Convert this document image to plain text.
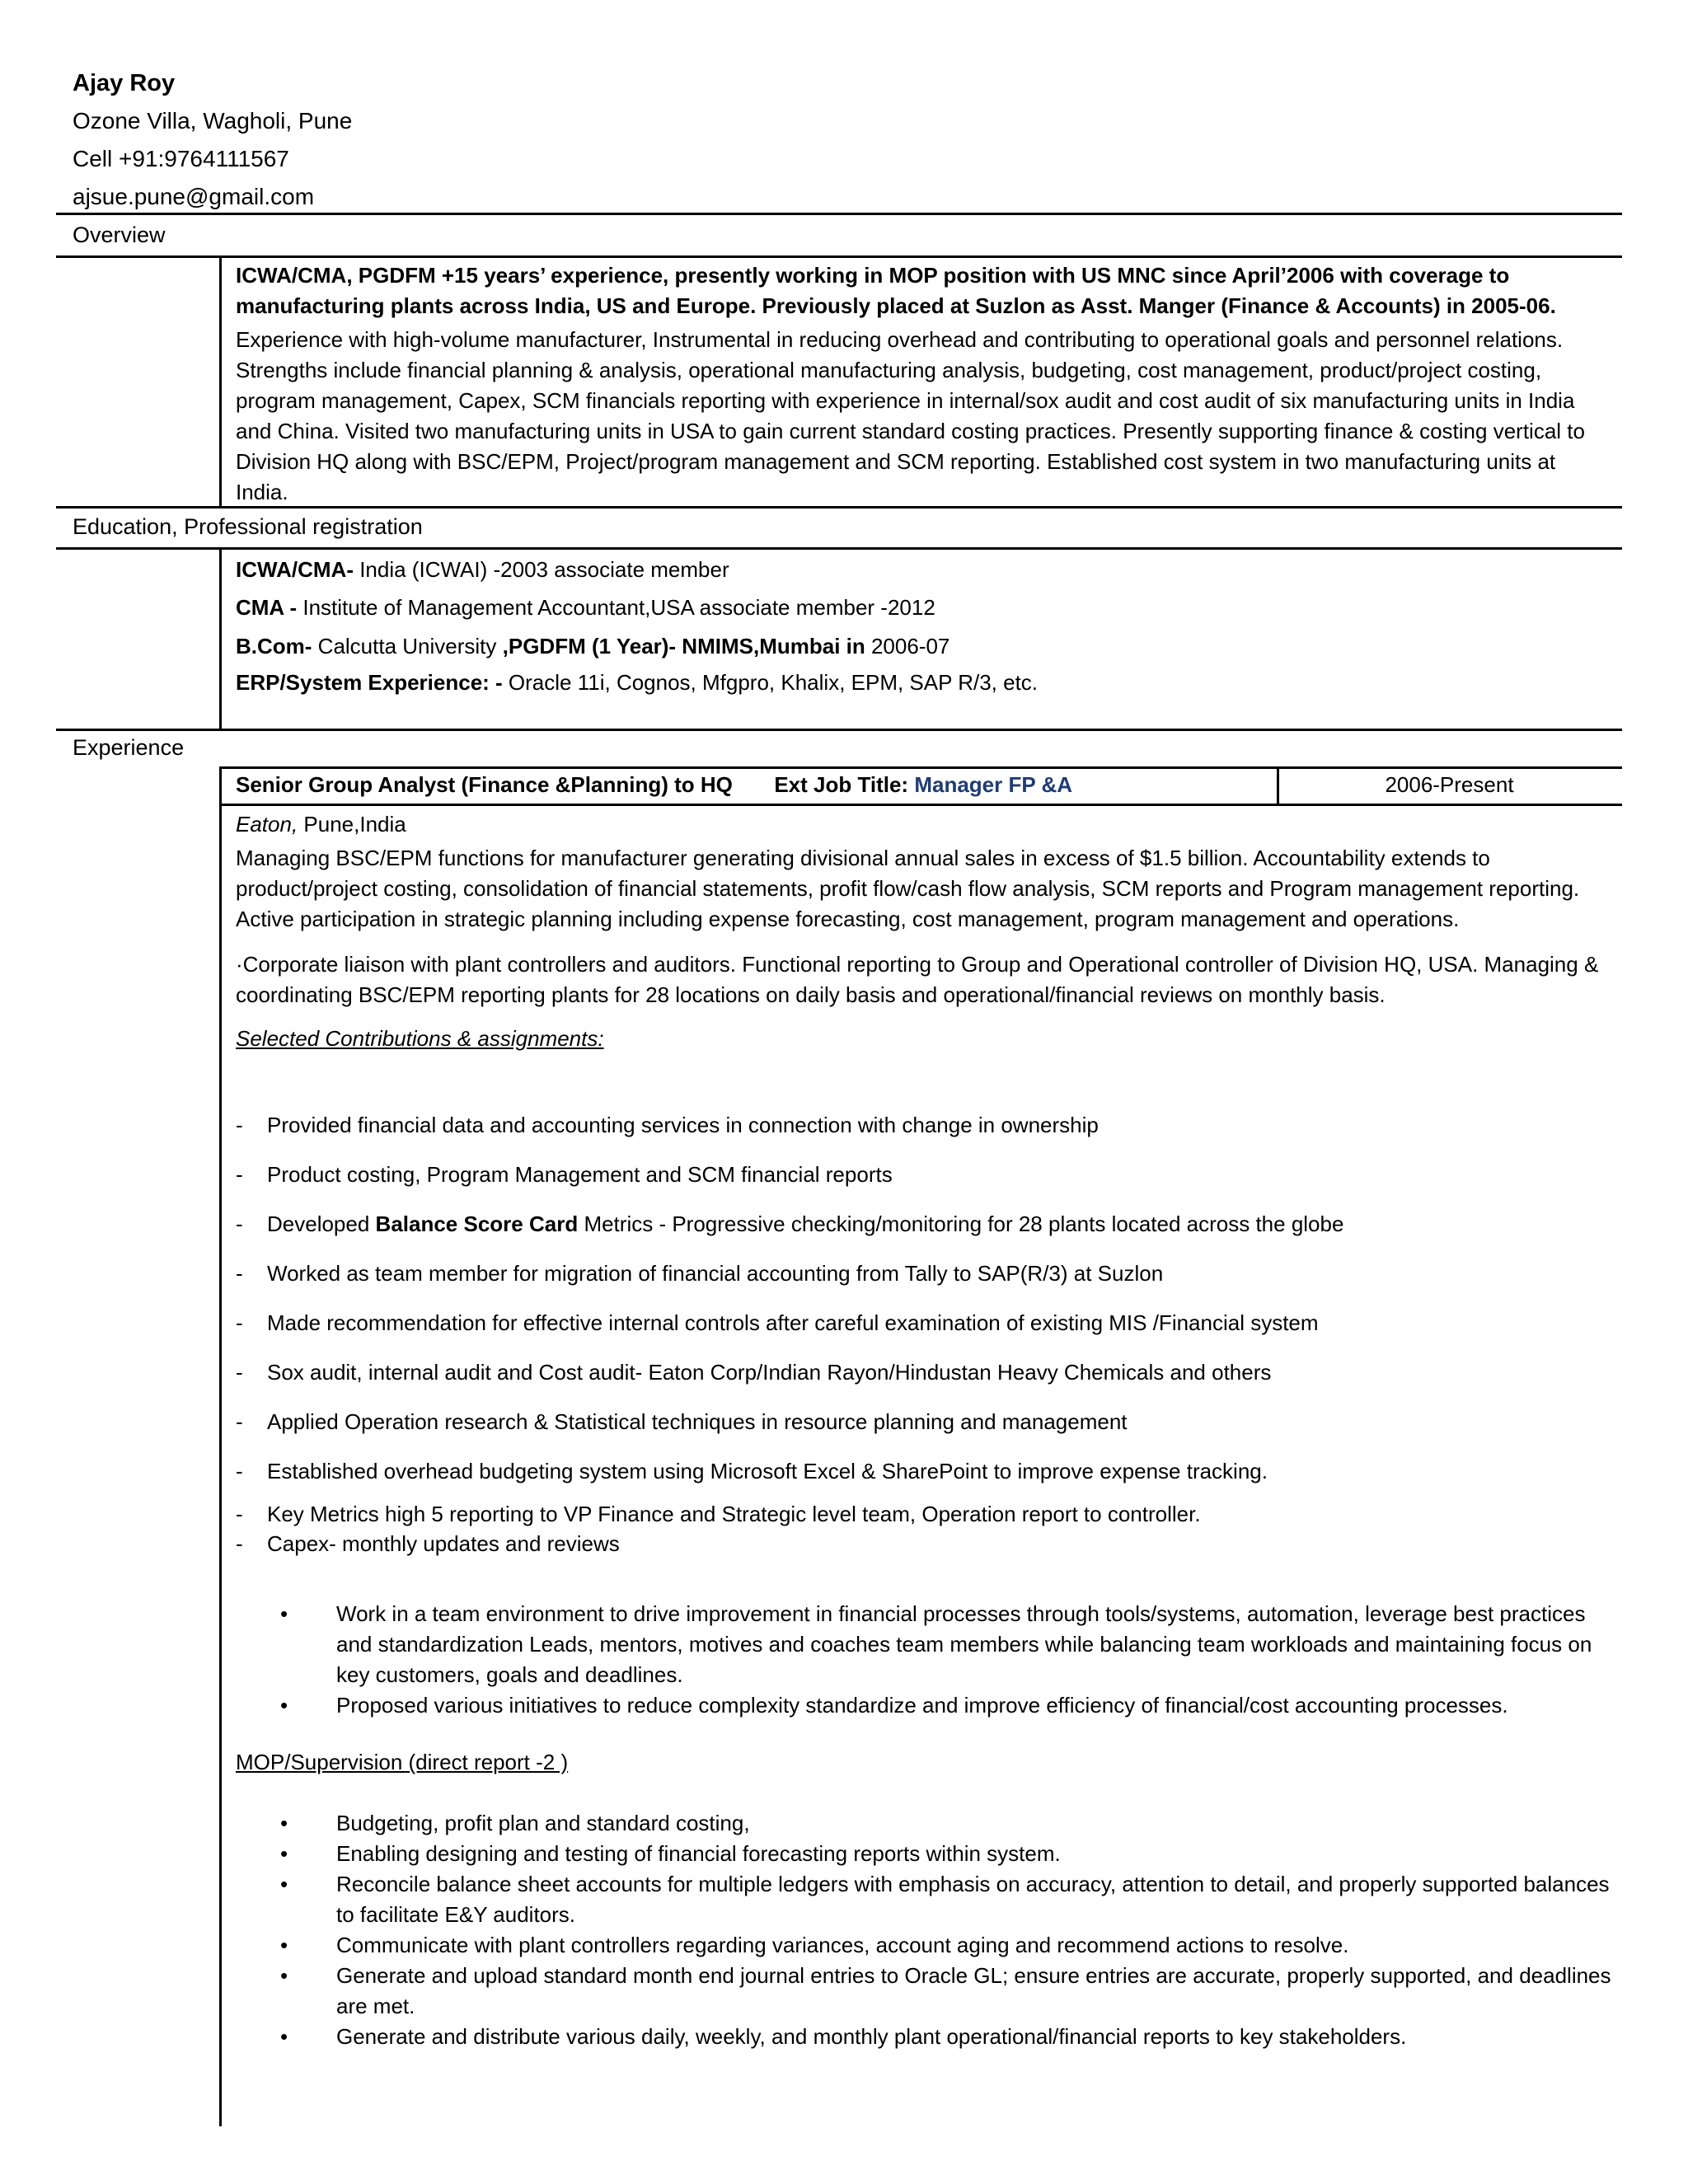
Ajay Roy
Ozone Villa, Wagholi, Pune
Cell +91:9764111567
ajsue.pune@gmail.com
Overview

ICWA/CMA, PGDFM +15 years’ experience, presently working in MOP position with US MNC since April’2006 with coverage to manufacturing plants across India, US and Europe. Previously placed at Suzlon as Asst. Manger (Finance & Accounts) in 2005-06.

Experience with high-volume manufacturer, Instrumental in reducing overhead and contributing to operational goals and personnel relations. Strengths include financial planning & analysis, operational manufacturing analysis, budgeting, cost management, product/project costing, program management, Capex, SCM financials reporting with experience in internal/sox audit and cost audit of six manufacturing units in India and China. Visited two manufacturing units in USA to gain current standard costing practices. Presently supporting finance & costing vertical to Division HQ along with BSC/EPM, Project/program management and SCM reporting. Established cost system in two manufacturing units at India.

Education, Professional registration
ICWA/CMA- India (ICWAI) -2003 associate member
CMA - Institute of Management Accountant,USA associate member -2012
B.Com- Calcutta University ,PGDFM (1 Year)- NMIMS,Mumbai in 2006-07
ERP/System Experience: - Oracle 11i, Cognos, Mfgpro, Khalix, EPM, SAP R/3, etc.
Experience
Senior Group Analyst (Finance &Planning) to HQ Ext Job Title: Manager FP &A	2006-Present

Eaton, Pune,India

Managing BSC/EPM functions for manufacturer generating divisional annual sales in excess of $1.5 billion. Accountability extends to product/project costing, consolidation of financial statements, profit flow/cash flow analysis, SCM reports and Program management reporting. Active participation in strategic planning including expense forecasting, cost management, program management and operations.

·Corporate liaison with plant controllers and auditors. Functional reporting to Group and Operational controller of Division HQ, USA. Managing & coordinating BSC/EPM reporting plants for 28 locations on daily basis and operational/financial reviews on monthly basis.

Selected Contributions & assignments:

- Provided financial data and accounting services in connection with change in ownership
- Product costing, Program Management and SCM financial reports
- Developed Balance Score Card Metrics - Progressive checking/monitoring for 28 plants located across the globe
- Worked as team member for migration of financial accounting from Tally to SAP(R/3) at Suzlon
- Made recommendation for effective internal controls after careful examination of existing MIS /Financial system
- Sox audit, internal audit and Cost audit- Eaton Corp/Indian Rayon/Hindustan Heavy Chemicals and others
- Applied Operation research & Statistical techniques in resource planning and management
- Established overhead budgeting system using Microsoft Excel & SharePoint to improve expense tracking.
- Key Metrics high 5 reporting to VP Finance and Strategic level team, Operation report to controller.
- Capex- monthly updates and reviews
• Work in a team environment to drive improvement in financial processes through tools/systems, automation, leverage best practices and standardization Leads, mentors, motives and coaches team members while balancing team workloads and maintaining focus on key customers, goals and deadlines.
• Proposed various initiatives to reduce complexity standardize and improve efficiency of financial/cost accounting processes.

MOP/Supervision (direct report -2 )

• Budgeting, profit plan and standard costing,
• Enabling designing and testing of financial forecasting reports within system.
• Reconcile balance sheet accounts for multiple ledgers with emphasis on accuracy, attention to detail, and properly supported balances to facilitate E&Y auditors.
• Communicate with plant controllers regarding variances, account aging and recommend actions to resolve.
• Generate and upload standard month end journal entries to Oracle GL; ensure entries are accurate, properly supported, and deadlines are met.
• Generate and distribute various daily, weekly, and monthly plant operational/financial reports to key stakeholders.
